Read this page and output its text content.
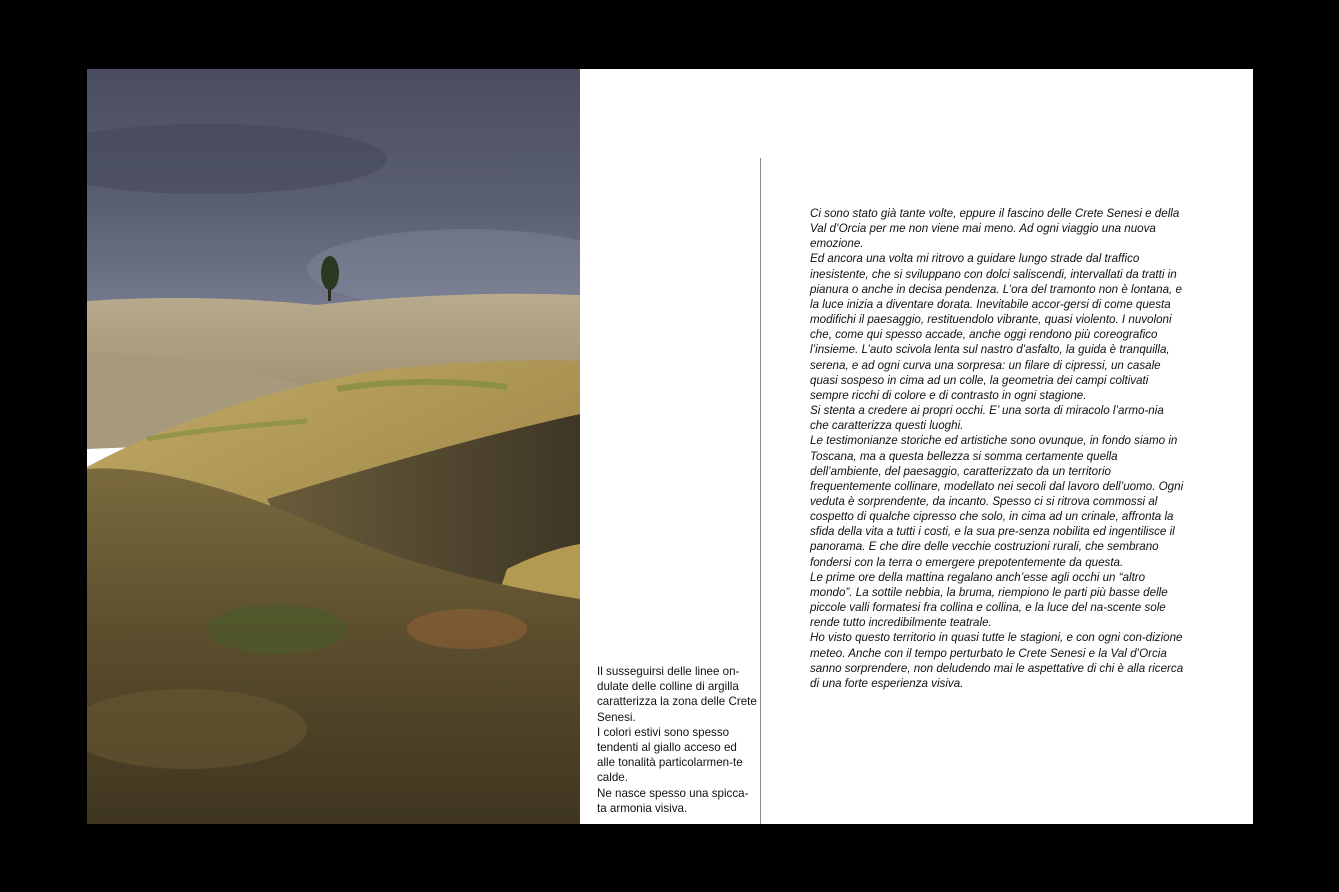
Il susseguirsi delle linee on-dulate delle colline di argilla caratterizza la zona delle Crete Senesi.

I colori estivi sono spesso tendenti al giallo acceso ed alle tonalità particolarmen-te calde.

Ne nasce spesso una spicca-ta armonia visiva.

Ci sono stato già tante volte, eppure il fascino delle Crete Senesi e della Val d’Orcia per me non viene mai meno. Ad ogni viaggio una nuova emozione.

Ed ancora una volta mi ritrovo a guidare lungo strade dal traffico inesistente, che si sviluppano con dolci saliscendi, intervallati da tratti in pianura o anche in decisa pendenza. L’ora del tramonto non è lontana, e la luce inizia a diventare dorata. Inevitabile accor-gersi di come questa modifichi il paesaggio, restituendolo vibrante, quasi violento. I nuvoloni che, come qui spesso accade, anche oggi rendono più coreografico l’insieme. L’auto scivola lenta sul nastro d’asfalto, la guida è tranquilla, serena, e ad ogni curva una sorpresa: un filare di cipressi, un casale quasi sospeso in cima ad un colle, la geometria dei campi coltivati sempre ricchi di colore e di contrasto in ogni stagione.

Si stenta a credere ai propri occhi. E’ una sorta di miracolo l’armo-nia che caratterizza questi luoghi.

Le testimonianze storiche ed artistiche sono ovunque, in fondo siamo in Toscana, ma a questa bellezza si somma certamente quella dell’ambiente, del paesaggio, caratterizzato da un territorio frequentemente collinare, modellato nei secoli dal lavoro dell’uomo. Ogni veduta è sorprendente, da incanto. Spesso ci si ritrova commossi al cospetto di qualche cipresso che solo, in cima ad un crinale, affronta la sfida della vita a tutti i costi, e la sua pre-senza nobilita ed ingentilisce il panorama. E che dire delle vecchie costruzioni rurali, che sembrano fondersi con la terra o emergere prepotentemente da questa.

Le prime ore della mattina regalano anch’esse agli occhi un “altro mondo”. La sottile nebbia, la bruma, riempiono le parti più basse delle piccole valli formatesi fra collina e collina, e la luce del na-scente sole rende tutto incredibilmente teatrale.

Ho visto questo territorio in quasi tutte le stagioni, e con ogni con-dizione meteo. Anche con il tempo perturbato le Crete Senesi e la Val d’Orcia sanno sorprendere, non deludendo mai le aspettative di chi è alla ricerca di una forte esperienza visiva.
